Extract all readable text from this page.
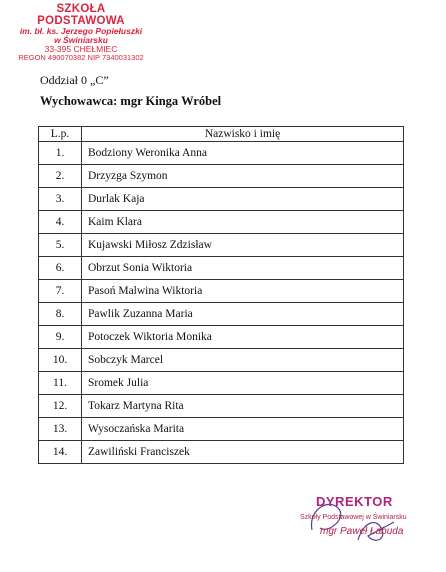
SZKOŁA PODSTAWOWA
im. bł. ks. Jerzego Popiełuszki
w Świniarsku
33-395 CHEŁMIEC
REGON 490070382 NIP 7340031302
Oddział 0 „C”
Wychowawca: mgr Kinga Wróbel
L.p.	Nazwisko i imię
1.	Bodziony Weronika Anna
2.	Drzyzga Szymon
3.	Durlak Kaja
4.	Kaim Klara
5.	Kujawski Miłosz Zdzisław
6.	Obrzut Sonia Wiktoria
7.	Pasoń Malwina Wiktoria
8.	Pawlik Zuzanna Maria
9.	Potoczek Wiktoria Monika
10.	Sobczyk Marcel
11.	Sromek Julia
12.	Tokarz Martyna Rita
13.	Wysoczańska Marita
14.	Zawiliński Franciszek
DYREKTOR
Szkoły Podstawowej w Świniarsku
mgr Paweł Łabuda
